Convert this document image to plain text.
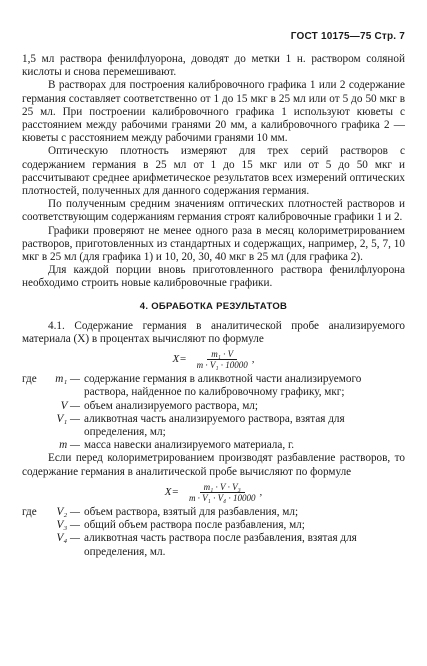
ГОСТ 10175—75 Стр. 7

1,5 мл раствора фенилфлуорона, доводят до метки 1 н. раствором соляной кислоты и снова перемешивают.

В растворах для построения калибровочного графика 1 или 2 содержание германия составляет соответственно от 1 до 15 мкг в 25 мл или от 5 до 50 мкг в 25 мл. При построении калибровочного графика 1 используют кюветы с расстоянием между рабочими гранями 20 мм, а калибровочного графика 2 — кюветы с расстоянием между рабочими гранями 10 мм.

Оптическую плотность измеряют для трех серий растворов с содержанием германия в 25 мл от 1 до 15 мкг или от 5 до 50 мкг и рассчитывают среднее арифметическое результатов всех измерений оптических плотностей, полученных для данного содержания германия.

По полученным средним значениям оптических плотностей растворов и соответствующим содержаниям германия строят калибровочные графики 1 и 2.

Графики проверяют не менее одного раза в месяц колориметрированием растворов, приготовленных из стандартных и содержащих, например, 2, 5, 7, 10 мкг в 25 мл (для графика 1) и 10, 20, 30, 40 мкг в 25 мл (для графика 2).

Для каждой порции вновь приготовленного раствора фенилфлуорона необходимо строить новые калибровочные графики.

4. ОБРАБОТКА РЕЗУЛЬТАТОВ

4.1. Содержание германия в аналитической пробе анализируемого материала (X) в процентах вычисляют по формуле

$X= \frac{\text{m₁ · V}}{\text{m · V₁ · 10000}}$ ,
где	m₁ — содержание германия в аликвотной части анализируемого раствора, найденное по калибровочному графику, мкг;
V — объем анализируемого раствора, мл;
V₁ — аликвотная часть анализируемого раствора, взятая для определения, мл;
m — масса навески анализируемого материала, г.

Если перед колориметрированием производят разбавление растворов, то содержание германия в аналитической пробе вычисляют по формуле

$X= \frac{\text{m₁ · V · V₃}}{\text{m · V₁ · V₄ · 10000}}$ ,
где	V₂ — объем раствора, взятый для разбавления, мл;
V₃ — общий объем раствора после разбавления, мл;
V₄ — аликвотная часть раствора после разбавления, взятая для определения, мл.
